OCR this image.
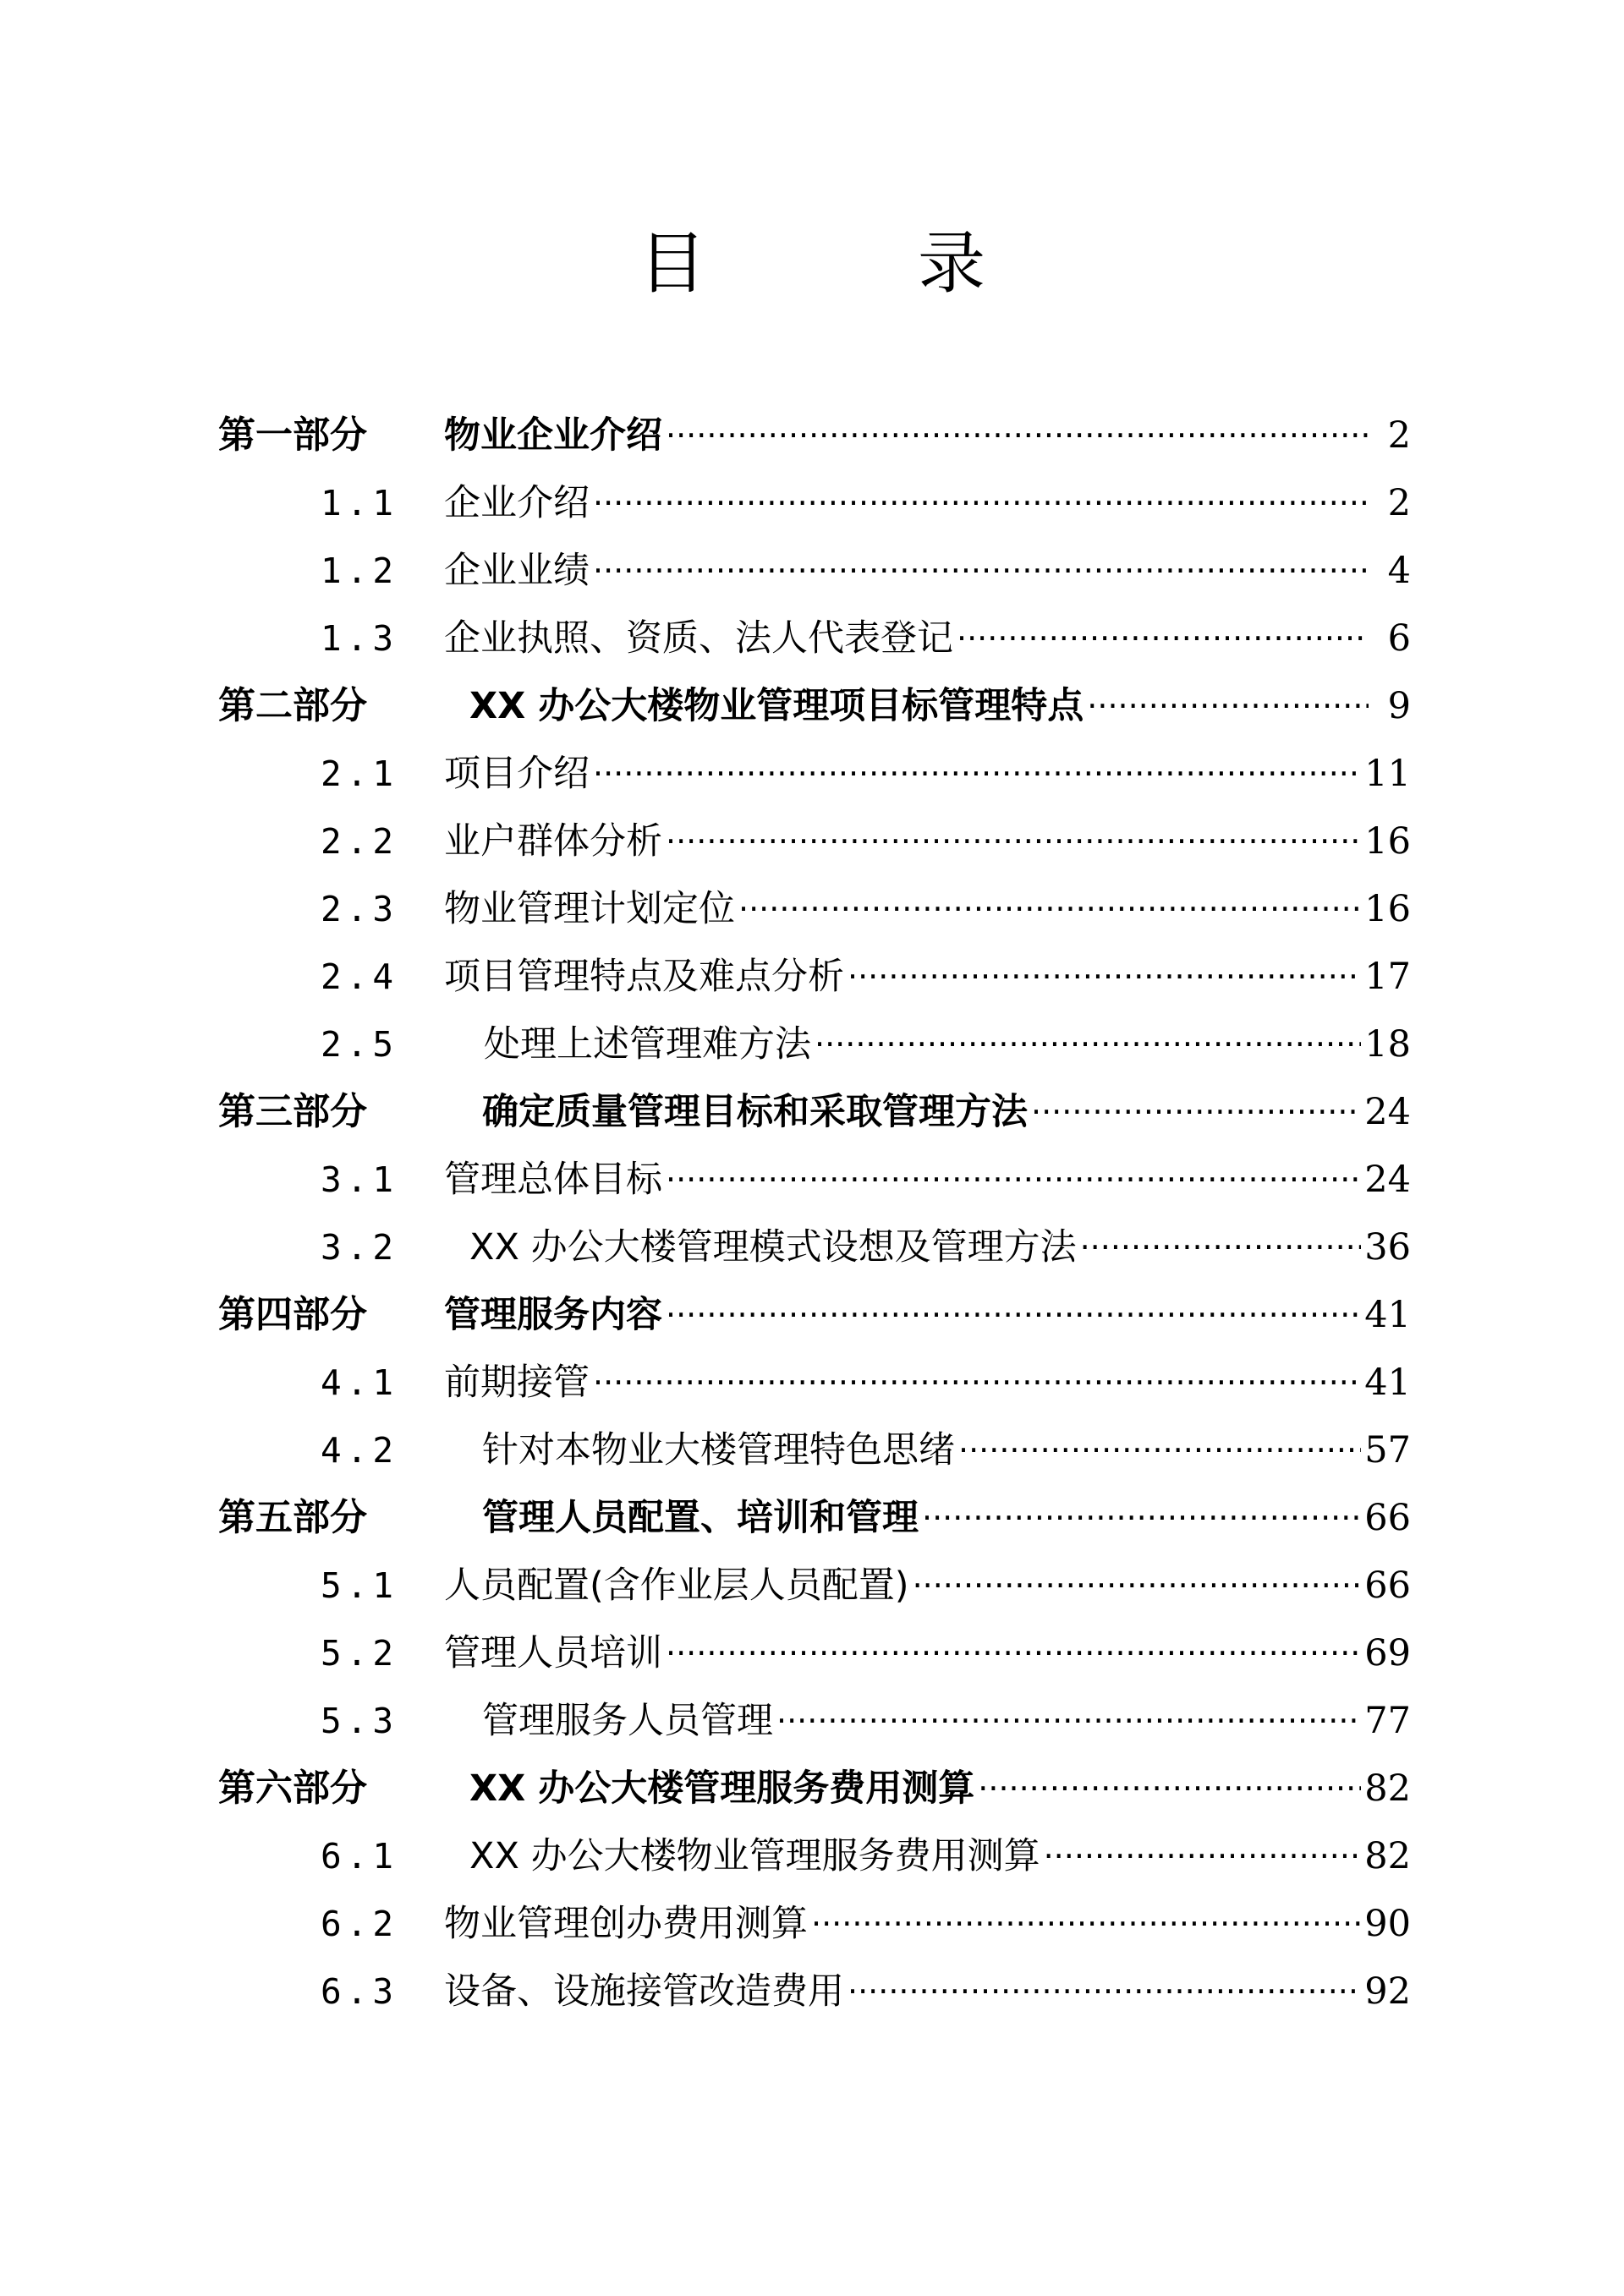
目	录
第一部分 物业企业介绍 ·····	2
1.1 企业介绍 ·····	2
1.2 企业业绩 ·····	4
1.3 企业执照、资质、法人代表登记 ·····	6
第二部分	XX 办公大楼物业管理项目标管理特点 ·····	9
2.1 项目介绍 ·····	11
2.2 业户群体分析 ·····	16
2.3 物业管理计划定位 ·····	16
2.4 项目管理特点及难点分析 ·····	17
2.5 处理上述管理难方法 ·····	18
第三部分	确定质量管理目标和采取管理方法 ·····	24
3.1 管理总体目标 ·····	24
3.2 XX 办公大楼管理模式设想及管理方法 ·····	36
第四部分 管理服务内容 ·····	41
4.1 前期接管 ·····	41
4.2 针对本物业大楼管理特色思绪 ·····	57
第五部分	管理人员配置、培训和管理 ·····	66
5.1 人员配置(含作业层人员配置) ·····	66
5.2 管理人员培训 ·····	69
5.3 管理服务人员管理 ·····	77
第六部分	XX 办公大楼管理服务费用测算 ·····	82
6.1 XX 办公大楼物业管理服务费用测算 ·····	82
6.2 物业管理创办费用测算 ·····	90
6.3 设备、设施接管改造费用 ·····	92
